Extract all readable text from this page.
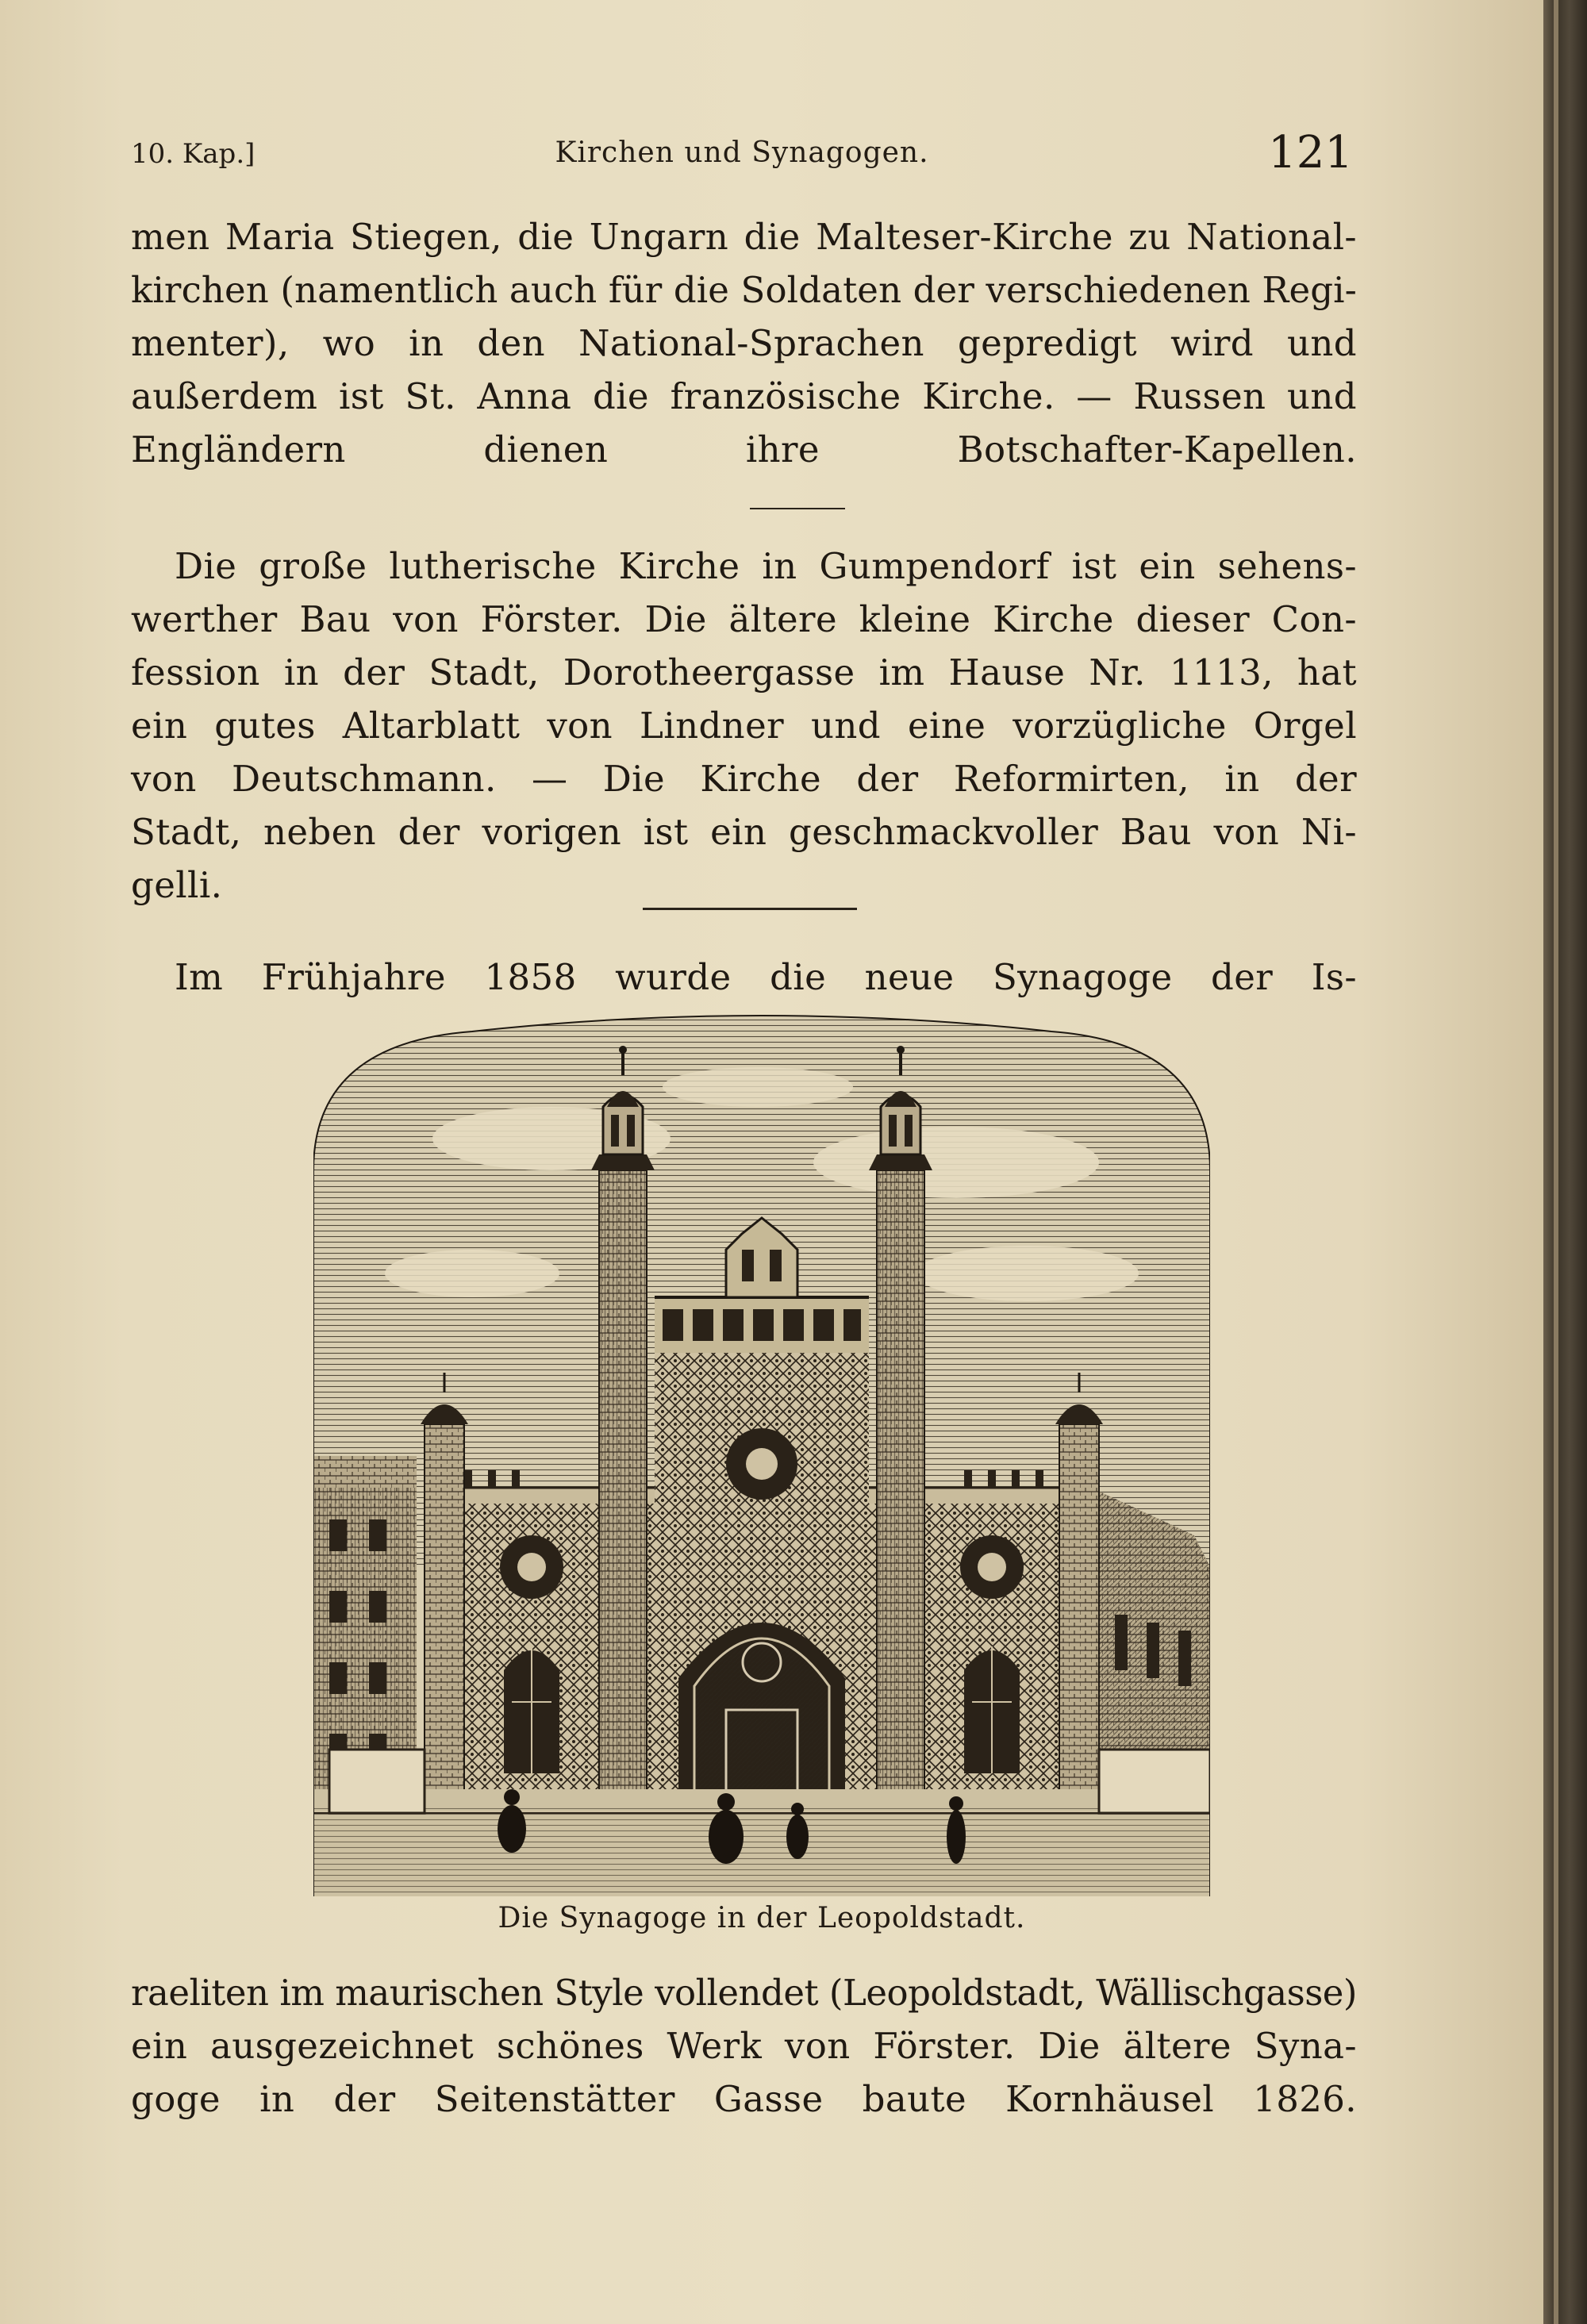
10. Kap.]	Kirchen und Synagogen.	121
men Maria Stiegen, die Ungarn die Malteser-Kirche zu National-
kirchen (namentlich auch für die Soldaten der verschiedenen Regi-
menter), wo in den National-Sprachen gepredigt wird und
außerdem ist St. Anna die französische Kirche. — Russen und
Engländern dienen ihre Botschafter-Kapellen.
Die große lutherische Kirche in Gumpendorf ist ein sehens-
werther Bau von Förster. Die ältere kleine Kirche dieser Con-
fession in der Stadt, Dorotheergasse im Hause Nr. 1113, hat
ein gutes Altarblatt von Lindner und eine vorzügliche Orgel
von Deutschmann. — Die Kirche der Reformirten, in der
Stadt, neben der vorigen ist ein geschmackvoller Bau von Ni-
gelli.
Im Frühjahre 1858 wurde die neue Synagoge der Is-
Die Synagoge in der Leopoldstadt.
raeliten im maurischen Style vollendet (Leopoldstadt, Wällischgasse)
ein ausgezeichnet schönes Werk von Förster. Die ältere Syna-
goge in der Seitenstätter Gasse baute Kornhäusel 1826.
